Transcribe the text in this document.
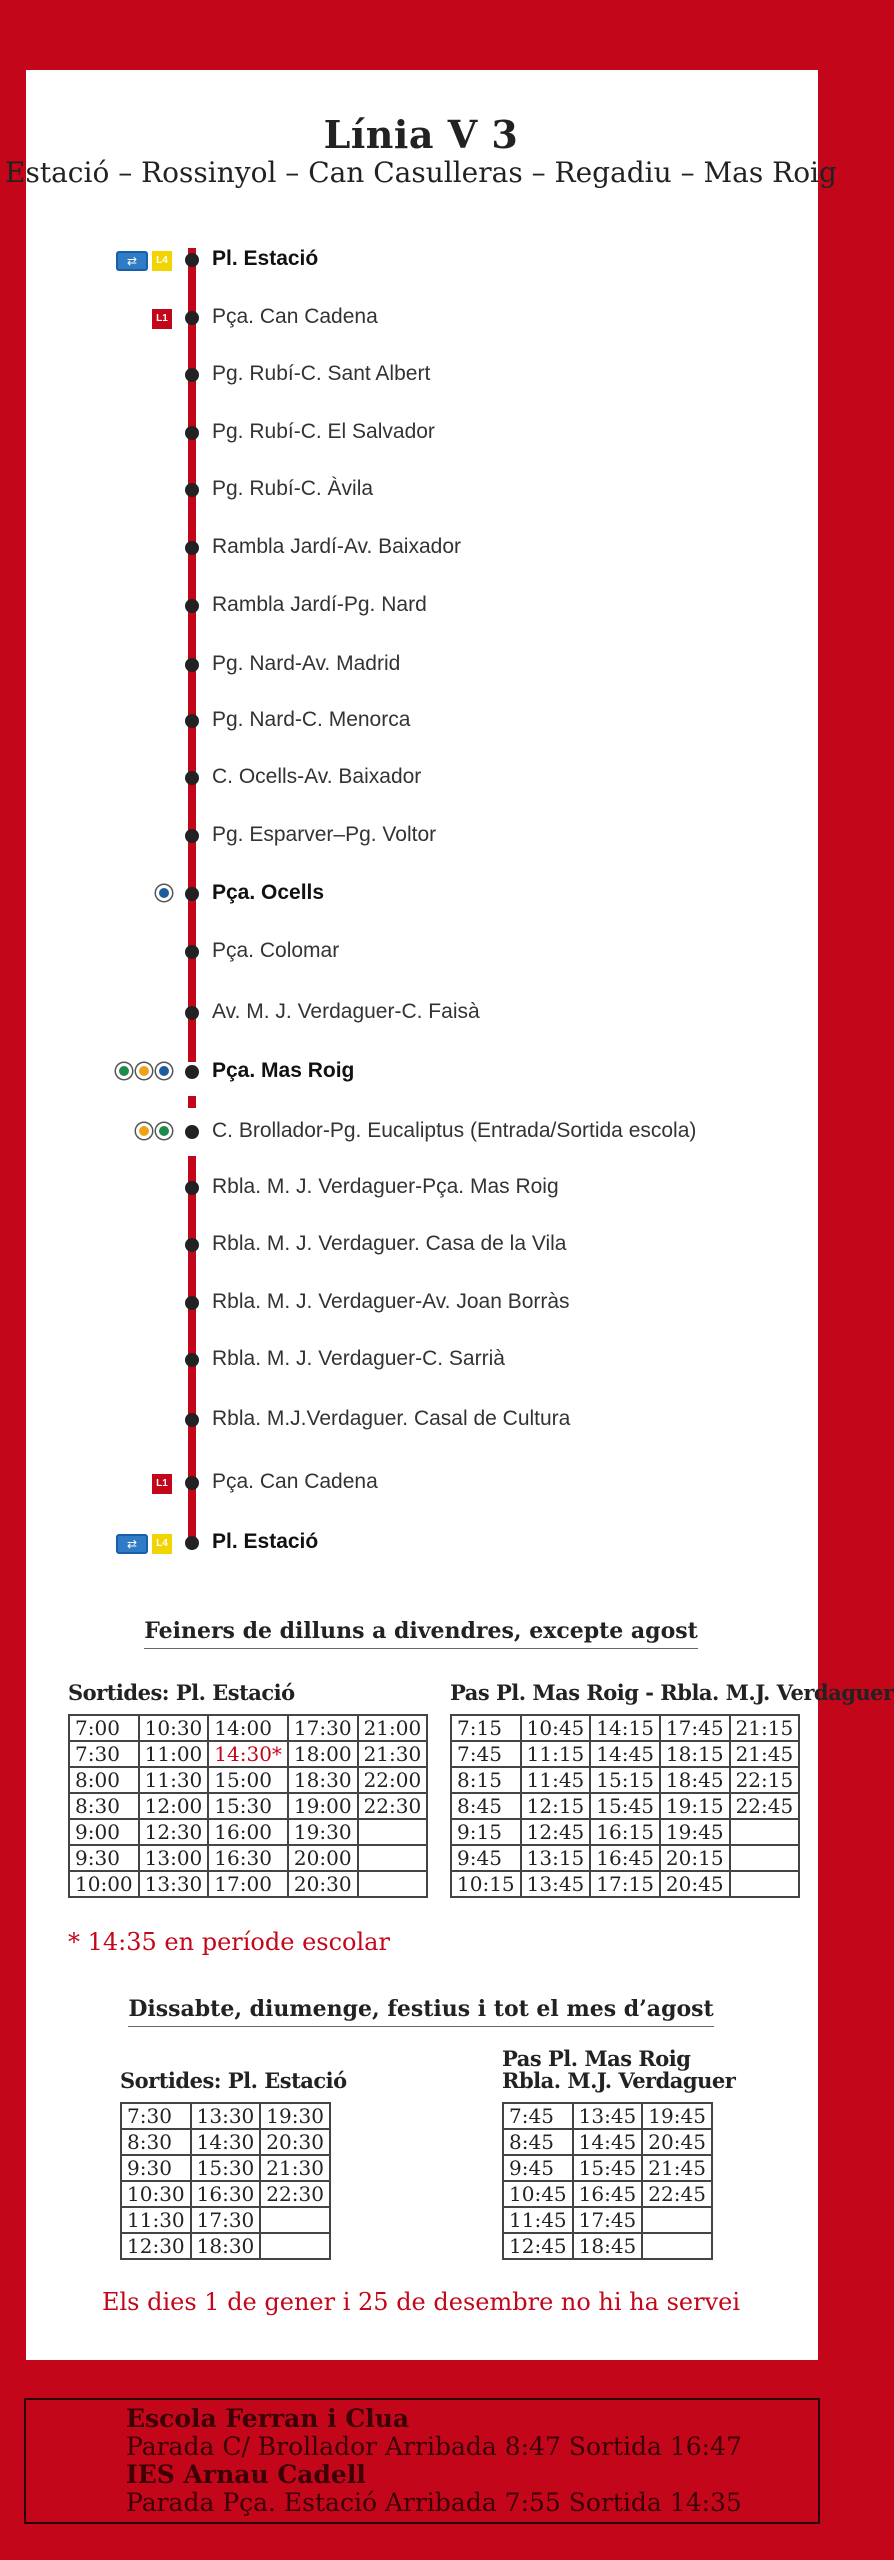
Línia V 3
Estació – Rossinyol – Can Casulleras – Regadiu – Mas Roig
Pl. Estació
⇄	L4
Pça. Can Cadena
L1
Pg. Rubí-C. Sant Albert
Pg. Rubí-C. El Salvador
Pg. Rubí-C. Àvila
Rambla Jardí-Av. Baixador
Rambla Jardí-Pg. Nard
Pg. Nard-Av. Madrid
Pg. Nard-C. Menorca
C. Ocells-Av. Baixador
Pg. Esparver–Pg. Voltor
Pça. Ocells
Pça. Colomar
Av. M. J. Verdaguer-C. Faisà
Pça. Mas Roig
C. Brollador-Pg. Eucaliptus (Entrada/Sortida escola)
Rbla. M. J. Verdaguer-Pça. Mas Roig
Rbla. M. J. Verdaguer. Casa de la Vila
Rbla. M. J. Verdaguer-Av. Joan Borràs
Rbla. M. J. Verdaguer-C. Sarrià
Rbla. M.J.Verdaguer. Casal de Cultura
Pça. Can Cadena
L1
Pl. Estació
⇄	L4
Feiners de dilluns a divendres, excepte agost
Sortides: Pl. Estació	Pas Pl. Mas Roig - Rbla. M.J. Verdaguer
7:00	10:30	14:00	17:30	21:00
7:30	11:00	14:30*	18:00	21:30
8:00	11:30	15:00	18:30	22:00
8:30	12:00	15:30	19:00	22:30
9:00	12:30	16:00	19:30	
9:30	13:00	16:30	20:00	
10:00	13:30	17:00	20:30	
7:15	10:45	14:15	17:45	21:15
7:45	11:15	14:45	18:15	21:45
8:15	11:45	15:15	18:45	22:15
8:45	12:15	15:45	19:15	22:45
9:15	12:45	16:15	19:45	
9:45	13:15	16:45	20:15	
10:15	13:45	17:15	20:45	
* 14:35 en període escolar
Dissabte, diumenge, festius i tot el mes d’agost
Sortides: Pl. Estació
Pas Pl. Mas Roig
Rbla. M.J. Verdaguer
7:30	13:30	19:30
8:30	14:30	20:30
9:30	15:30	21:30
10:30	16:30	22:30
11:30	17:30	
12:30	18:30	
7:45	13:45	19:45
8:45	14:45	20:45
9:45	15:45	21:45
10:45	16:45	22:45
11:45	17:45	
12:45	18:45	
Els dies 1 de gener i 25 de desembre no hi ha servei
Escola Ferran i Clua
Parada C/ Brollador Arribada 8:47 Sortida 16:47
IES Arnau Cadell
Parada Pça. Estació Arribada 7:55 Sortida 14:35
